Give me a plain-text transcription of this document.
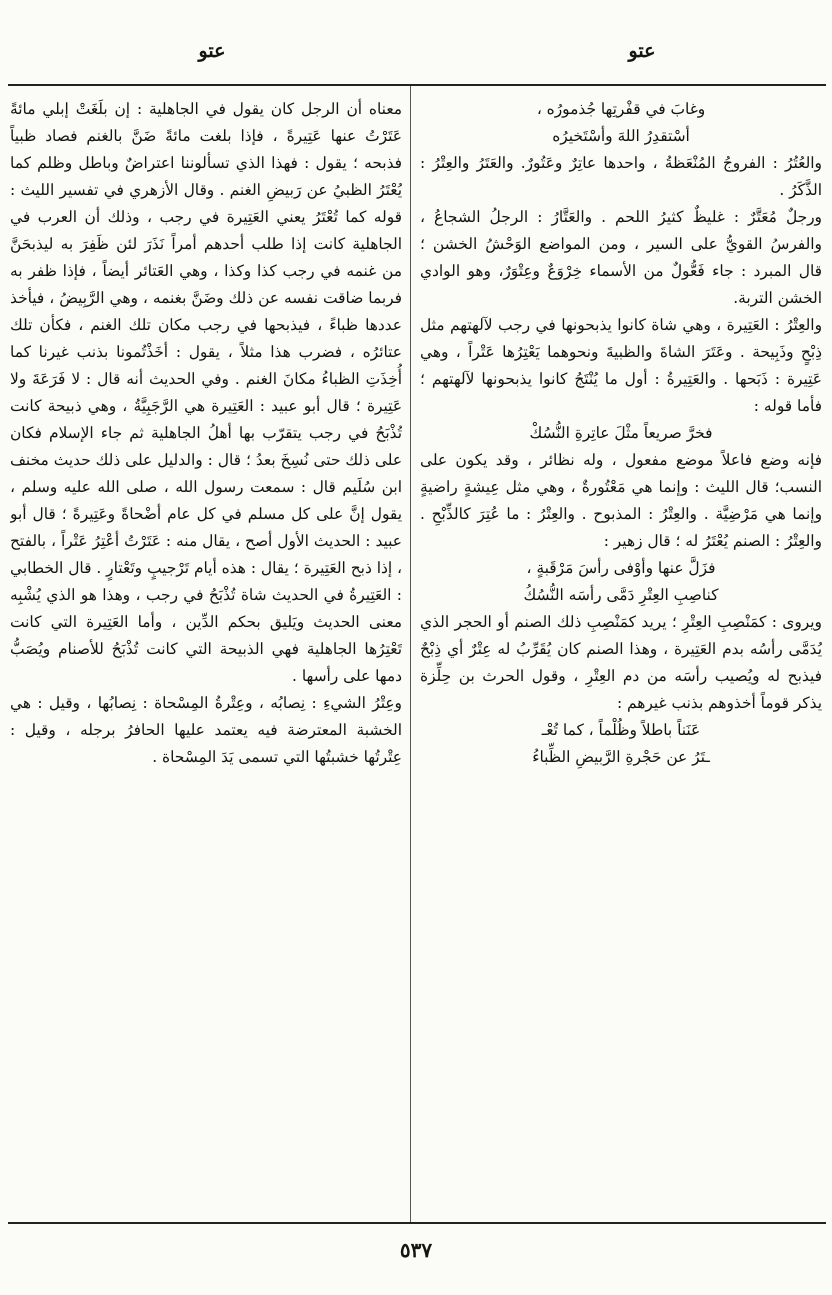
عتو
عتو

وغابَ في قفْرتِها جُذمورُه ،

أسْتقدِرُ اللهَ وأسْتَخيرُه

والعُتُرُ : الفروجُ المُنْعَظةُ ، واحدها عاتِرٌ وعَتُورٌ. والعَتَرُ والعِتْرُ : الذَّكَرُ .

ورجلٌ مُعَتَّرٌ : غليظٌ كثيرُ اللحم . والعَتَّارُ : الرجلُ الشجاعُ ، والفرسُ القويُّ على السير ، ومن المواضع الوَحْشُ الخشن ؛ قال المبرد : جاء فَعُّولٌ من الأسماء خِرْوَعٌ وعِتْوَرٌ، وهو الوادي الخشن التربة.

والعِتْرُ : العَتِيرة ، وهي شاة كانوا يذبحونها في رجب لآلهتهم مثل ذِبْحٍ وذَبِيحة . وعَتَرَ الشاةَ والظبيةَ ونحوهما يَعْتِرُها عَتْراً ، وهي عَتِيرة : ذَبَحها . والعَتِيرةُ : أول ما يُنْتَجُ كانوا يذبحونها لآلهتهم ؛ فأما قوله :

فخرَّ صريعاً مثْلَ عاتِرةِ النُّسُكْ

فإنه وضع فاعلاً موضع مفعول ، وله نظائر ، وقد يكون على النسب؛ قال الليث : وإنما هي مَعْتُورةٌ ، وهي مثل عِيشةٍ راضيةٍ وإنما هي مَرْضِيَّة . والعِتْرُ : المذبوح . والعِتْرُ : ما عُتِرَ كالذِّبْحِ . والعِتْرُ : الصنم يُعْتَرُ له ؛ قال زهير :

فزَلَّ عنها وأوْفى رأسَ مَرْقَبةٍ ،

كناصِبِ العِتْرِ دَمَّى رأسَه النُّسُكُ

ويروى : كمَنْصِبِ العِتْرِ ؛ يريد كمَنْصِبِ ذلك الصنم أو الحجر الذي يُدَمَّى رأسُه بدم العَتِيرة ، وهذا الصنم كان يُقَرِّبُ له عِتْرٌ أي ذِبْحٌ فيذبح له ويُصيب رأسَه من دم العِتْرِ ، وقول الحرث بن حِلِّزة يذكر قوماً أخذوهم بذنب غيرهم :

عَنَناً باطلاً وظُلْماً ، كما تُعْـ

ـتَرُ عن حَجْرةِ الرَّبيضِ الظِّباءُ

معناه أن الرجل كان يقول في الجاهلية : إن بلَغَتْ إبلي مائةً عَتَرْتُ عنها عَتِيرةً ، فإذا بلغت مائةً ضَنَّ بالغنم فصاد ظبياً فذبحه ؛ يقول : فهذا الذي تسألوننا اعتراضٌ وباطل وظلم كما يُعْتَرُ الظبيُ عن رَبيضِ الغنم . وقال الأزهري في تفسير الليث : قوله كما تُعْتَرُ يعني العَتِيرة في رجب ، وذلك أن العرب في الجاهلية كانت إذا طلب أحدهم أمراً نَذَرَ لئن ظَفِرَ به ليذبحَنَّ من غنمه في رجب كذا وكذا ، وهي العَتائر أيضاً ، فإذا ظفر به فربما ضاقت نفسه عن ذلك وضَنَّ بغنمه ، وهي الرَّبِيضُ ، فيأخذ عددها ظباءً ، فيذبحها في رجب مكان تلك الغنم ، فكأن تلك عتائرُه ، فضرب هذا مثلاً ، يقول : أخَذْتُمونا بذنب غيرنا كما أُخِذَتِ الظباءُ مكانَ الغنم . وفي الحديث أنه قال : لا فَرَعَةَ ولا عَتِيرة ؛ قال أبو عبيد : العَتِيرة هي الرَّجَبِيَّةُ ، وهي ذبيحة كانت تُذْبَحُ في رجب يتقرّب بها أهلُ الجاهلية ثم جاء الإسلام فكان على ذلك حتى نُسِخَ بعدُ ؛ قال : والدليل على ذلك حديث مخنف ابن سُلَيم قال : سمعت رسول الله ، صلى الله عليه وسلم ، يقول إنَّ على كل مسلم في كل عام أضْحاةً وعَتِيرةً ؛ قال أبو عبيد : الحديث الأول أصح ، يقال منه : عَتَرْتُ أعْتِرُ عَتْراً ، بالفتح ، إذا ذبح العَتِيرة ؛ يقال : هذه أيام تَرْجيبٍ وتَعْتارٍ . قال الخطابي : العَتِيرةُ في الحديث شاة تُذْبَحُ في رجب ، وهذا هو الذي يُشْبِه معنى الحديث ويَليق بحكم الدِّين ، وأما العَتِيرة التي كانت تَعْتِرُها الجاهلية فهي الذبيحة التي كانت تُذْبَحُ للأصنام ويُصَبُّ دمها على رأسها .

وعِتْرُ الشيءِ : نِصابُه ، وعِتْرةُ المِسْحاة : نِصابُها ، وقيل : هي الخشبة المعترضة فيه يعتمد عليها الحافرُ برجله ، وقيل : عِتْرتُها خشبتُها التي تسمى يَدَ المِسْحاة .

٥٣٧
